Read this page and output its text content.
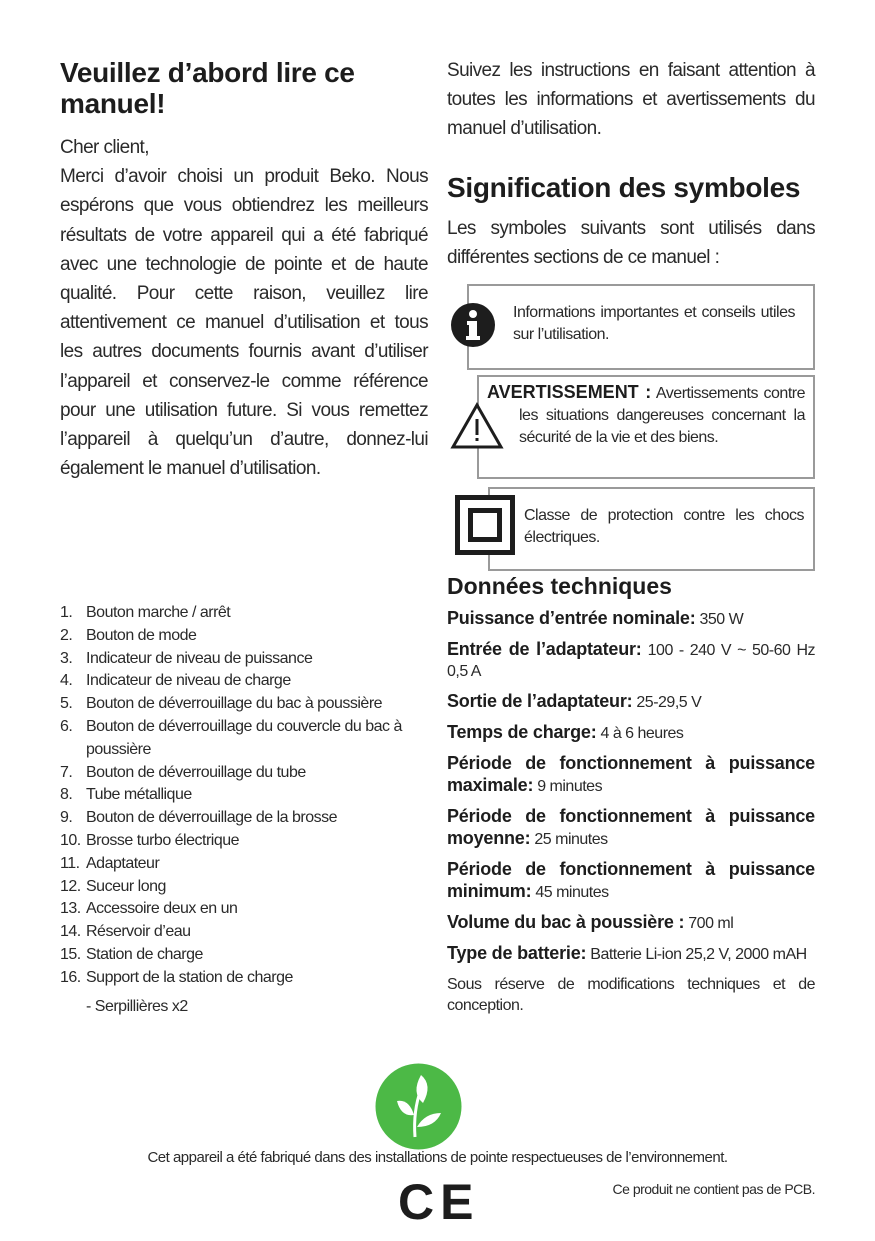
Veuillez d’abord lire ce manuel!
Cher client,
Merci d’avoir choisi un produit Beko. Nous espérons que vous obtiendrez les meilleurs résultats de votre appareil qui a été fabriqué avec une technologie de pointe et de haute qualité. Pour cette raison, veuillez lire attentivement ce manuel d’utilisation et tous les autres documents fournis avant d’utiliser l’appareil et conservez-le comme référence pour une utilisation future. Si vous remettez l’appareil à quelqu’un d’autre, donnez-lui également le manuel d’utilisation.
1. Bouton marche / arrêt
2. Bouton de mode
3. Indicateur de niveau de puissance
4. Indicateur de niveau de charge
5. Bouton de déverrouillage du bac à poussière
6. Bouton de déverrouillage du couvercle du bac à poussière
7. Bouton de déverrouillage du tube
8. Tube métallique
9. Bouton de déverrouillage de la brosse
10. Brosse turbo électrique
11. Adaptateur
12. Suceur long
13. Accessoire deux en un
14. Réservoir d’eau
15. Station de charge
16. Support de la station de charge
- Serpillières x2
Suivez les instructions en faisant attention à toutes les informations et avertissements du manuel d’utilisation.
Signification des symboles
Les symboles suivants sont utilisés dans différentes sections de ce manuel :
Informations importantes et conseils utiles sur l’utilisation.
AVERTISSEMENT : Avertissements contre les situations dangereuses concernant la sécurité de la vie et des biens.
Classe de protection contre les chocs électriques.
Données techniques

Puissance d’entrée nominale: 350 W

Entrée de l’adaptateur: 100 - 240 V ~ 50-60 Hz 0,5 A

Sortie de l’adaptateur: 25-29,5 V

Temps de charge: 4 à 6 heures

Période de fonctionnement à puissance maximale: 9 minutes

Période de fonctionnement à puissance moyenne: 25 minutes

Période de fonctionnement à puissance minimum: 45 minutes

Volume du bac à poussière : 700 ml

Type de batterie: Batterie Li-ion 25,2 V, 2000 mAH

Sous réserve de modifications techniques et de conception.

Cet appareil a été fabriqué dans des installations de pointe respectueuses de l’environnement.
CE	Ce produit ne contient pas de PCB.
